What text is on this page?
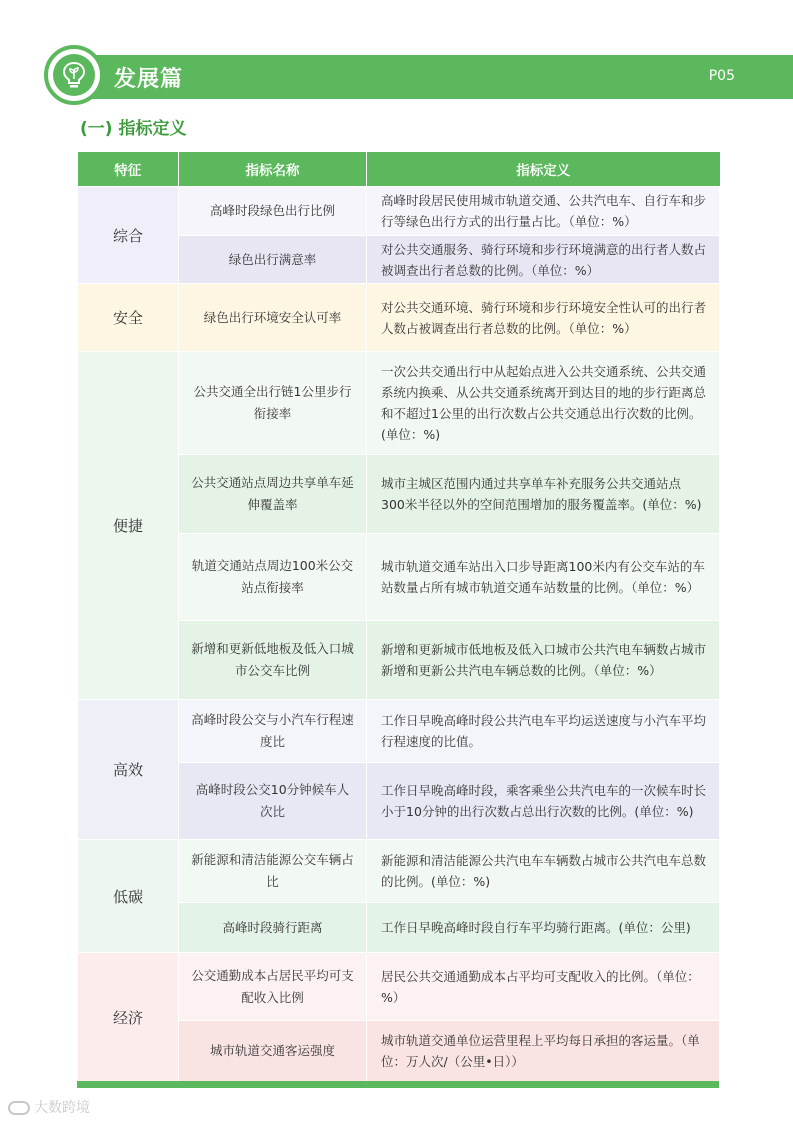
发展篇	P05
(一) 指标定义
特征	指标名称	指标定义
综合	高峰时段绿色出行比例	高峰时段居民使用城市轨道交通、公共汽电车、自行车和步行等绿色出行方式的出行量占比。（单位：%）
	绿色出行满意率	对公共交通服务、骑行环境和步行环境满意的出行者人数占被调查出行者总数的比例。（单位：%）
安全	绿色出行环境安全认可率	对公共交通环境、骑行环境和步行环境安全性认可的出行者人数占被调查出行者总数的比例。（单位：%）
便捷	公共交通全出行链1公里步行衔接率	一次公共交通出行中从起始点进入公共交通系统、公共交通系统内换乘、从公共交通系统离开到达目的地的步行距离总和不超过1公里的出行次数占公共交通总出行次数的比例。(单位：%)
	公共交通站点周边共享单车延伸覆盖率	城市主城区范围内通过共享单车补充服务公共交通站点 300米半径以外的空间范围增加的服务覆盖率。(单位：%)
	轨道交通站点周边100米公交站点衔接率	城市轨道交通车站出入口步导距离100米内有公交车站的车站数量占所有城市轨道交通车站数量的比例。（单位：%）
	新增和更新低地板及低入口城市公交车比例	新增和更新城市低地板及低入口城市公共汽电车辆数占城市新增和更新公共汽电车辆总数的比例。（单位：%）
高效	高峰时段公交与小汽车行程速度比	工作日早晚高峰时段公共汽电车平均运送速度与小汽车平均行程速度的比值。
	高峰时段公交10分钟候车人次比	工作日早晚高峰时段，乘客乘坐公共汽电车的一次候车时长小于10分钟的出行次数占总出行次数的比例。(单位：%)
低碳	新能源和清洁能源公交车辆占比	新能源和清洁能源公共汽电车车辆数占城市公共汽电车总数的比例。(单位：%)
	高峰时段骑行距离	工作日早晚高峰时段自行车平均骑行距离。(单位：公里)
经济	公交通勤成本占居民平均可支配收入比例	居民公共交通通勤成本占平均可支配收入的比例。（单位：%）
	城市轨道交通客运强度	城市轨道交通单位运营里程上平均每日承担的客运量。（单位：万人次/（公里•日））
大数跨境
